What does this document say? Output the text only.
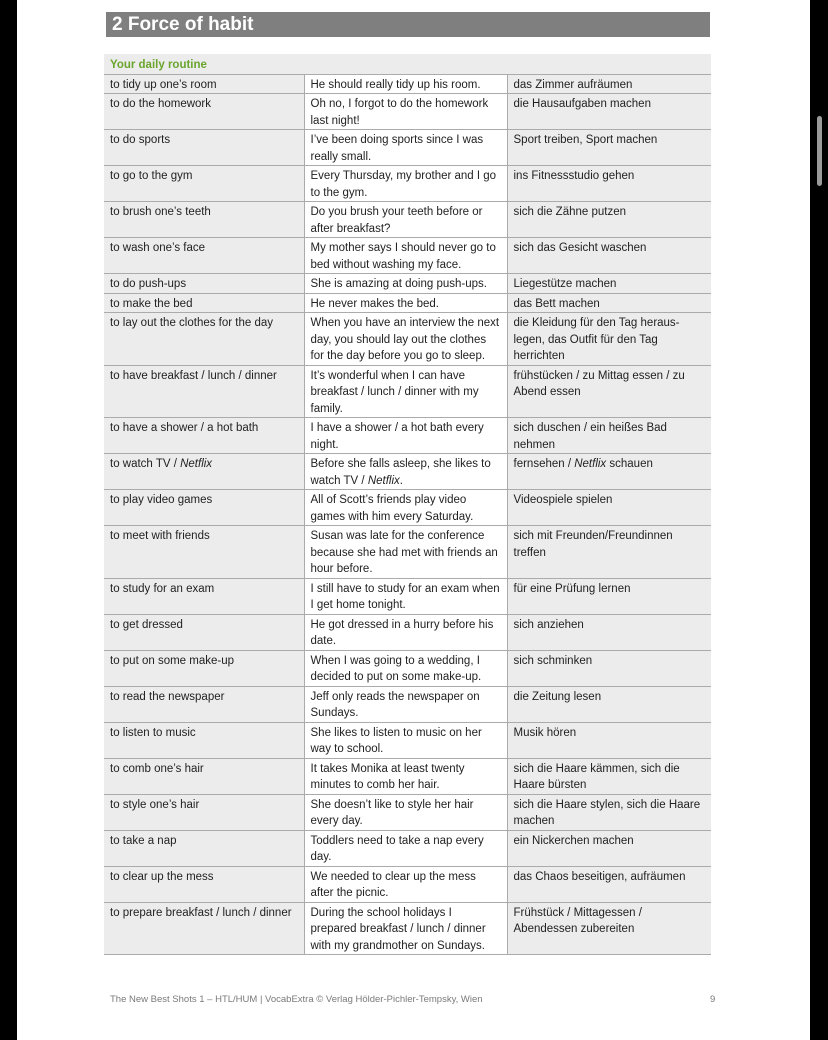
2 Force of habit
Your daily routine		
to tidy up one’s room	He should really tidy up his room.	das Zimmer aufräumen
to do the homework	Oh no, I forgot to do the homework last night!	die Hausaufgaben machen
to do sports	I’ve been doing sports since I was really small.	Sport treiben, Sport machen
to go to the gym	Every Thursday, my brother and I go to the gym.	ins Fitnessstudio gehen
to brush one’s teeth	Do you brush your teeth before or after breakfast?	sich die Zähne putzen
to wash one’s face	My mother says I should never go to bed without washing my face.	sich das Gesicht waschen
to do push-ups	She is amazing at doing push-ups.	Liegestütze machen
to make the bed	He never makes the bed.	das Bett machen
to lay out the clothes for the day	When you have an interview the next day, you should lay out the clothes for the day before you go to sleep.	die Kleidung für den Tag heraus-legen, das Outfit für den Tag herrichten
to have breakfast / lunch / dinner	It’s wonderful when I can have breakfast / lunch / dinner with my family.	frühstücken / zu Mittag essen / zu Abend essen
to have a shower / a hot bath	I have a shower / a hot bath every night.	sich duschen / ein heißes Bad nehmen
to watch TV / Netflix	Before she falls asleep, she likes to watch TV / Netflix.	fernsehen / Netflix schauen
to play video games	All of Scott’s friends play video games with him every Saturday.	Videospiele spielen
to meet with friends	Susan was late for the conference because she had met with friends an hour before.	sich mit Freunden/Freundinnen treffen
to study for an exam	I still have to study for an exam when I get home tonight.	für eine Prüfung lernen
to get dressed	He got dressed in a hurry before his date.	sich anziehen
to put on some make-up	When I was going to a wedding, I decided to put on some make-up.	sich schminken
to read the newspaper	Jeff only reads the newspaper on Sundays.	die Zeitung lesen
to listen to music	She likes to listen to music on her way to school.	Musik hören
to comb one’s hair	It takes Monika at least twenty minutes to comb her hair.	sich die Haare kämmen, sich die Haare bürsten
to style one’s hair	She doesn’t like to style her hair every day.	sich die Haare stylen, sich die Haare machen
to take a nap	Toddlers need to take a nap every day.	ein Nickerchen machen
to clear up the mess	We needed to clear up the mess after the picnic.	das Chaos beseitigen, aufräumen
to prepare breakfast / lunch / dinner	During the school holidays I prepared breakfast / lunch / dinner with my grandmother on Sundays.	Frühstück / Mittagessen / Abendessen zubereiten
The New Best Shots 1 – HTL/HUM | VocabExtra © Verlag Hölder-Pichler-Tempsky, Wien	9
